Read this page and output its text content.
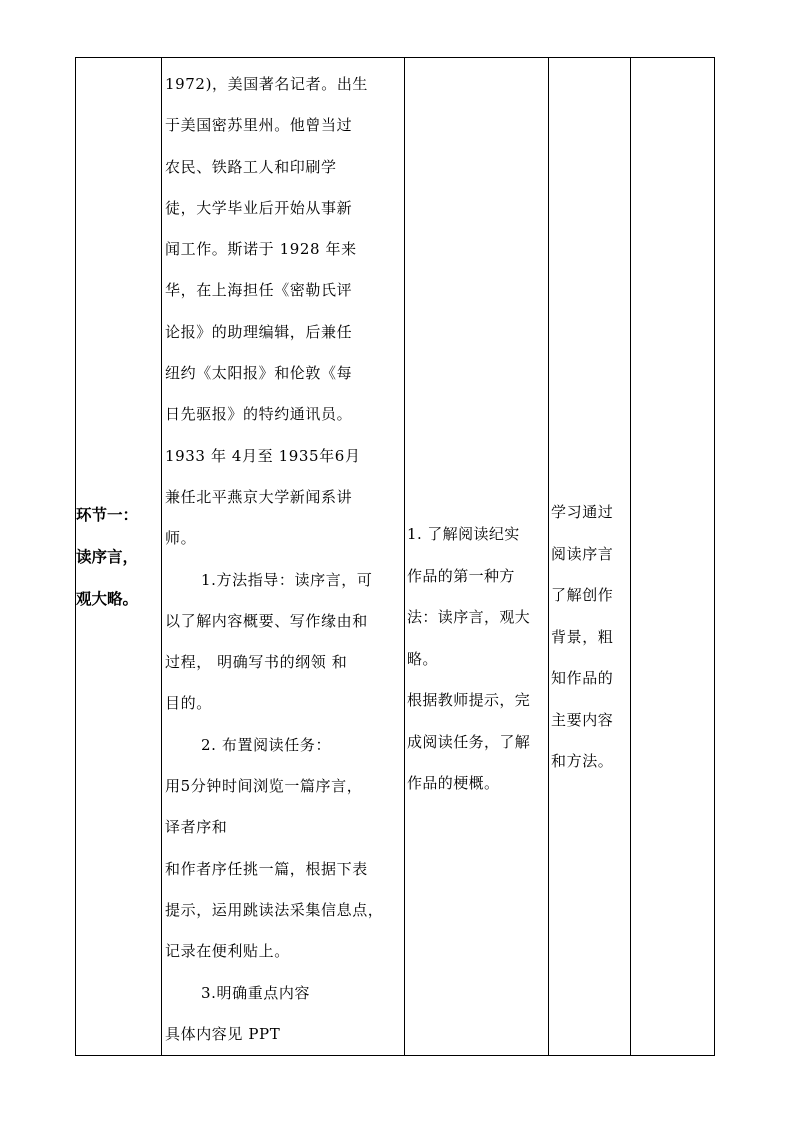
环节一：
读序言，
观大略。

1972)，美国著名记者。出生
于美国密苏里州。他曾当过
农民、铁路工人和印刷学
徒，大学毕业后开始从事新
闻工作。斯诺于 1928 年来
华，在上海担任《密勒氏评
论报》的助理编辑，后兼任
纽约《太阳报》和伦敦《每
日先驱报》的特约通讯员。
1933 年 4月至 1935年6月
兼任北平燕京大学新闻系讲
师。
1.方法指导：读序言，可
以了解内容概要、写作缘由和
过程， 明确写书的纲领 和
目的。
2. 布置阅读任务：
用5分钟时间浏览一篇序言，
译者序和
和作者序任挑一篇，根据下表
提示，运用跳读法采集信息点，
记录在便利贴上。
3.明确重点内容
具体内容见 PPT

1. 了解阅读纪实
作品的第一种方
法：读序言，观大
略。
根据教师提示，完
成阅读任务，了解
作品的梗概。

学习通过
阅读序言
了解创作
背景，粗
知作品的
主要内容
和方法。
